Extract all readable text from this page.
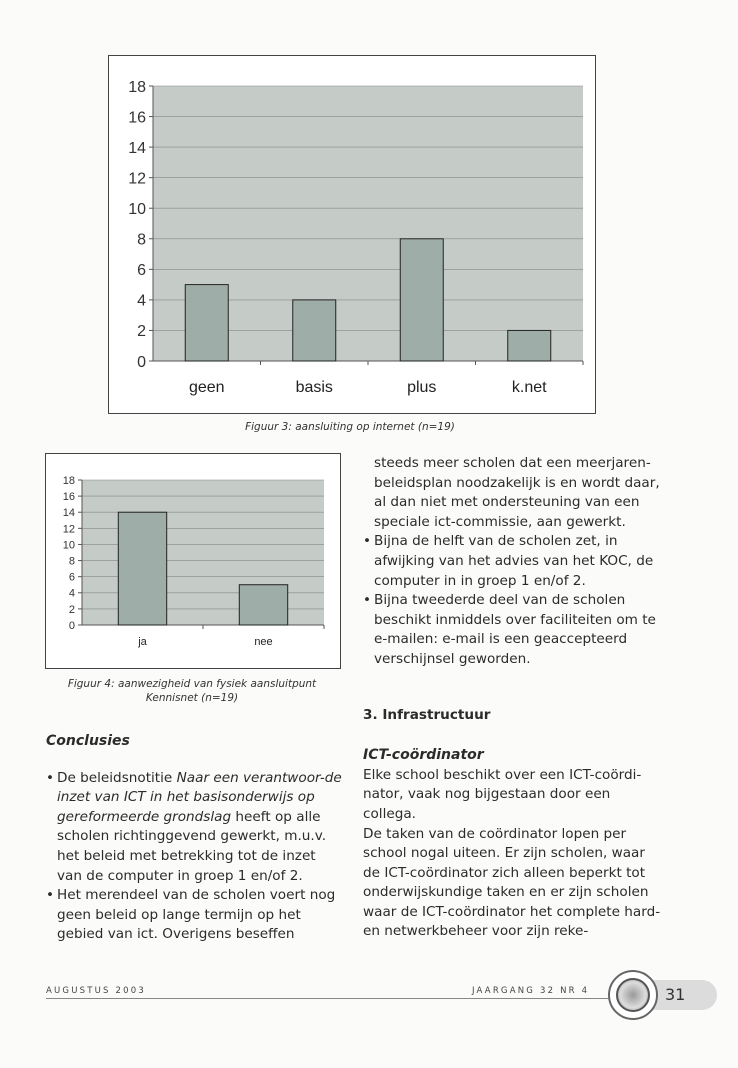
0
2
4
6
8
10
12
14
16
18
geen	basis	plus	k.net
Figuur 3: aansluiting op internet (n=19)
0
2
4
6
8
10
12
14
16
18
ja	nee
Figuur 4: aanwezigheid van fysiek aansluitpunt
Kennisnet (n=19)

Conclusies

• De beleidsnotitie Naar een verantwoor-de inzet van ICT in het basisonderwijs op gereformeerde grondslag heeft op alle scholen richtinggevend gewerkt, m.u.v. het beleid met betrekking tot de inzet van de computer in groep 1 en/of 2.
• Het merendeel van de scholen voert nog geen beleid op lange termijn op het gebied van ict. Overigens beseffen

steeds meer scholen dat een meerjaren-beleidsplan noodzakelijk is en wordt daar, al dan niet met ondersteuning van een speciale ict-commissie, aan gewerkt.

• Bijna de helft van de scholen zet, in afwijking van het advies van het KOC, de computer in in groep 1 en/of 2.
• Bijna tweederde deel van de scholen beschikt inmiddels over faciliteiten om te e-mailen: e-mail is een geaccepteerd verschijnsel geworden.

3. Infrastructuur

ICT-coördinator

Elke school beschikt over een ICT-coördi-nator, vaak nog bijgestaan door een collega.

De taken van de coördinator lopen per school nogal uiteen. Er zijn scholen, waar de ICT-coördinator zich alleen beperkt tot onderwijskundige taken en er zijn scholen waar de ICT-coördinator het complete hard- en netwerkbeheer voor zijn reke-

AUGUSTUS 2003	JAARGANG 32 NR 4	31
